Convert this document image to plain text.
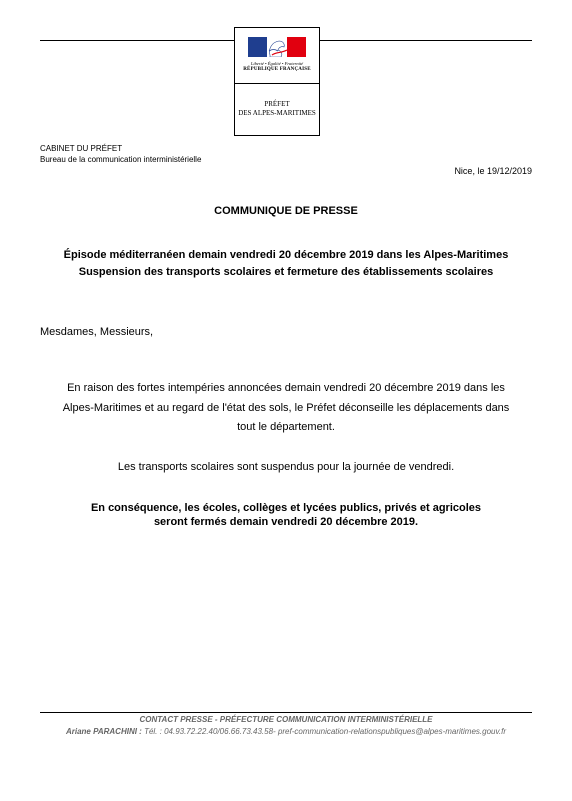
Liberté • Égalité • Fraternité
RÉPUBLIQUE FRANÇAISE
PRÉFET
DES ALPES-MARITIMES
CABINET DU PRÉFET
Bureau de la communication interministérielle
Nice, le 19/12/2019
COMMUNIQUE DE PRESSE
Épisode méditerranéen demain vendredi 20 décembre 2019 dans les Alpes-Maritimes
Suspension des transports scolaires et fermeture des établissements scolaires
Mesdames, Messieurs,
En raison des fortes intempéries annoncées demain vendredi 20 décembre 2019 dans les
Alpes-Maritimes et au regard de l'état des sols, le Préfet déconseille les déplacements dans
tout le département.
Les transports scolaires sont suspendus pour la journée de vendredi.
En conséquence, les écoles, collèges et lycées publics, privés et agricoles
seront fermés demain vendredi 20 décembre 2019.
CONTACT PRESSE - PRÉFECTURE COMMUNICATION INTERMINISTÉRIELLE
Ariane PARACHINI : Tél. : 04.93.72.22.40/06.66.73.43.58- pref-communication-relationspubliques@alpes-maritimes.gouv.fr
